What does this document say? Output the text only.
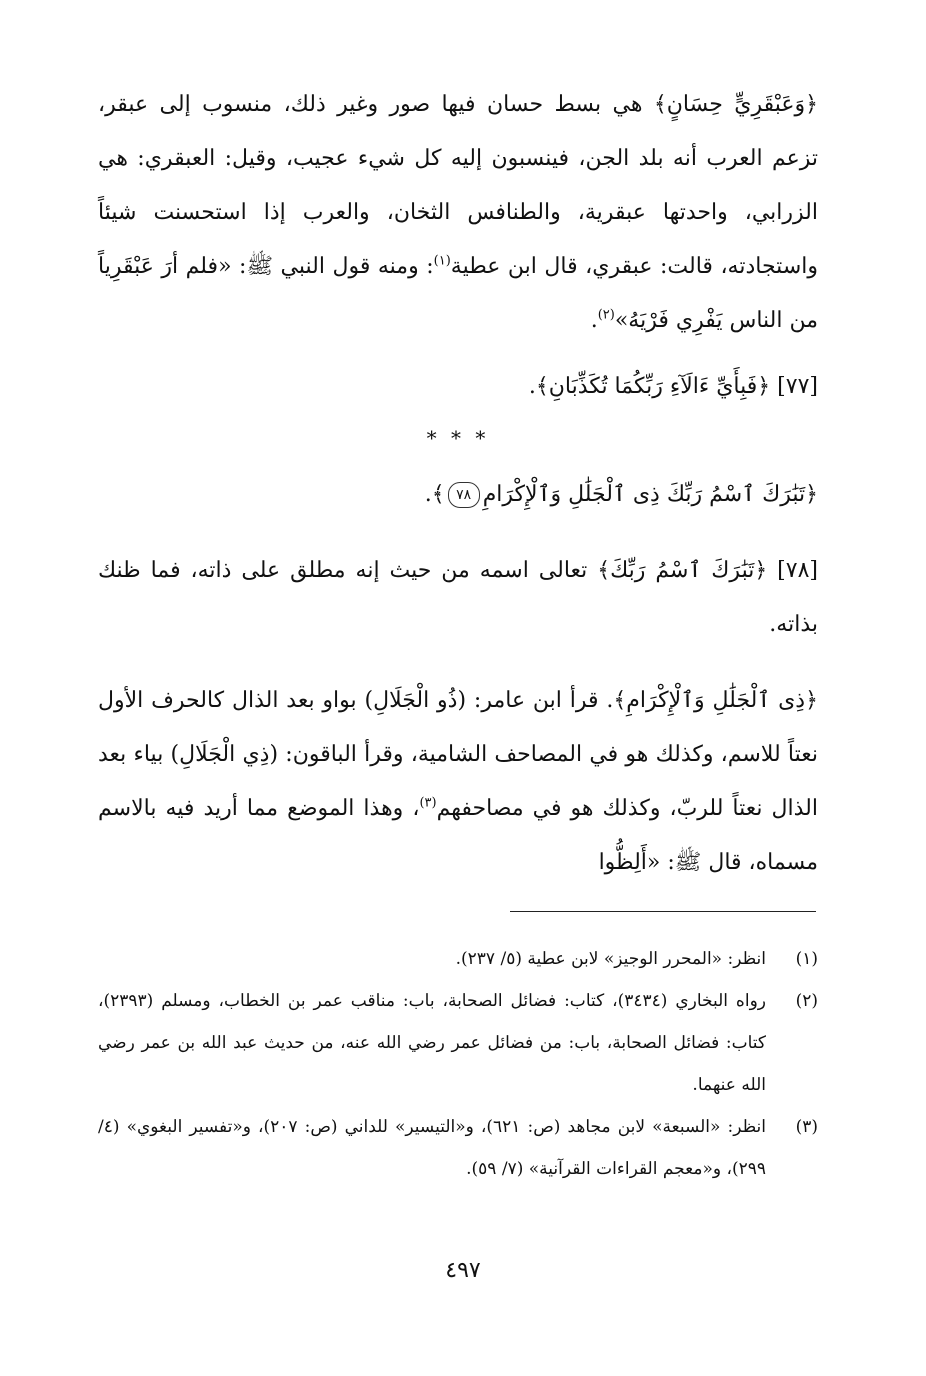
﴿وَعَبْقَرِيٍّ حِسَانٍ﴾ هي بسط حسان فيها صور وغير ذلك، منسوب إلى عبقر، تزعم العرب أنه بلد الجن، فينسبون إليه كل شيء عجيب، وقيل: العبقري: هي الزرابي، واحدتها عبقرية، والطنافس الثخان، والعرب إذا استحسنت شيئاً واستجادته، قالت: عبقري، قال ابن عطية$^{(١)}$: ومنه قول النبي ﷺ: «فلم أرَ عَبْقَرِياً من الناس يَفْرِي فَرْيَهُ»$^{(٢)}$.

[٧٧] ﴿فَبِأَيِّ ءَالَآءِ رَبِّكُمَا تُكَذِّبَانِ﴾.

* * *

﴿تَبَٰرَكَ ٱسْمُ رَبِّكَ ذِى ٱلْجَلَٰلِ وَٱلْإِكْرَامِ٧٨﴾.

[٧٨] ﴿تَبَٰرَكَ ٱسْمُ رَبِّكَ﴾ تعالى اسمه من حيث إنه مطلق على ذاته، فما ظنك بذاته.

﴿ذِى ٱلْجَلَٰلِ وَٱلْإِكْرَامِ﴾. قرأ ابن عامر: (ذُو الْجَلَالِ) بواو بعد الذال كالحرف الأول نعتاً للاسم، وكذلك هو في المصاحف الشامية، وقرأ الباقون: (ذِي الْجَلَالِ) بياء بعد الذال نعتاً للربّ، وكذلك هو في مصاحفهم$^{(٣)}$، وهذا الموضع مما أريد فيه بالاسم مسماه، قال ﷺ: «أَلِظُّوا

(١)
انظر: «المحرر الوجيز» لابن عطية (٥/ ٢٣٧).
(٢)
رواه البخاري (٣٤٣٤)، كتاب: فضائل الصحابة، باب: مناقب عمر بن الخطاب، ومسلم (٢٣٩٣)، كتاب: فضائل الصحابة، باب: من فضائل عمر رضي الله عنه، من حديث عبد الله بن عمر رضي الله عنهما.
(٣)
انظر: «السبعة» لابن مجاهد (ص: ٦٢١)، و«التيسير» للداني (ص: ٢٠٧)، و«تفسير البغوي» (٤/ ٢٩٩)، و«معجم القراءات القرآنية» (٧/ ٥٩).
٤٩٧
